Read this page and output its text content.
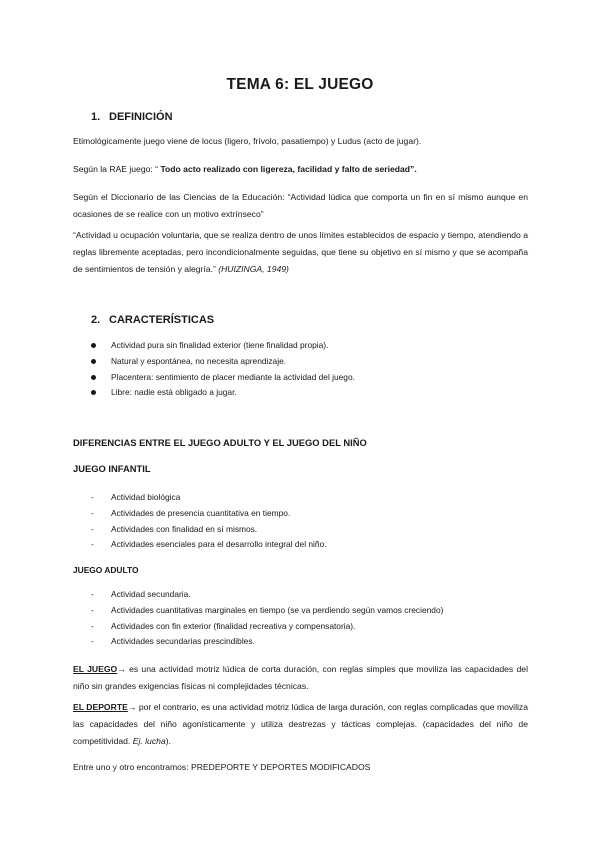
TEMA 6: EL JUEGO
1. DEFINICIÓN
Etimológicamente juego viene de locus (ligero, frívolo, pasatiempo) y Ludus (acto de jugar).
Según la RAE juego: “ Todo acto realizado con ligereza, facilidad y falto de seriedad”.
Según el Diccionario de las Ciencias de la Educación: “Actividad lúdica que comporta un fin en sí mismo aunque en ocasiones de se realice con un motivo extrínseco”
“Actividad u ocupación voluntaria, que se realiza dentro de unos límites establecidos de espacio y tiempo, atendiendo a reglas libremente aceptadas, pero incondicionalmente seguidas, que tiene su objetivo en sí mismo y que se acompaña de sentimientos de tensión y alegría.” (HUIZINGA, 1949)
2. CARACTERÍSTICAS
Actividad pura sin finalidad exterior (tiene finalidad propia).
Natural y espontánea, no necesita aprendizaje.
Placentera: sentimiento de placer mediante la actividad del juego.
Libre: nadie está obligado a jugar.
DIFERENCIAS ENTRE EL JUEGO ADULTO Y EL JUEGO DEL NIÑO
JUEGO INFANTIL
- Actividad biológica
- Actividades de presencia cuantitativa en tiempo.
- Actividades con finalidad en sí mismos.
- Actividades esenciales para el desarrollo integral del niño.
JUEGO ADULTO
- Actividad secundaria.
- Actividades cuantitativas marginales en tiempo (se va perdiendo según vamos creciendo)
- Actividades con fin exterior (finalidad recreativa y compensatoria).
- Actividades secundarias prescindibles.
EL JUEGO→ es una actividad motriz lúdica de corta duración, con reglas simples que moviliza las capacidades del niño sin grandes exigencias físicas ni complejidades técnicas.
EL DEPORTE→ por el contrario, es una actividad motriz lúdica de larga duración, con reglas complicadas que moviliza las capacidades del niño agonísticamente y utiliza destrezas y tácticas complejas. (capacidades del niño de competitividad. Ej. lucha).
Entre uno y otro encontramos: PREDEPORTE Y DEPORTES MODIFICADOS
